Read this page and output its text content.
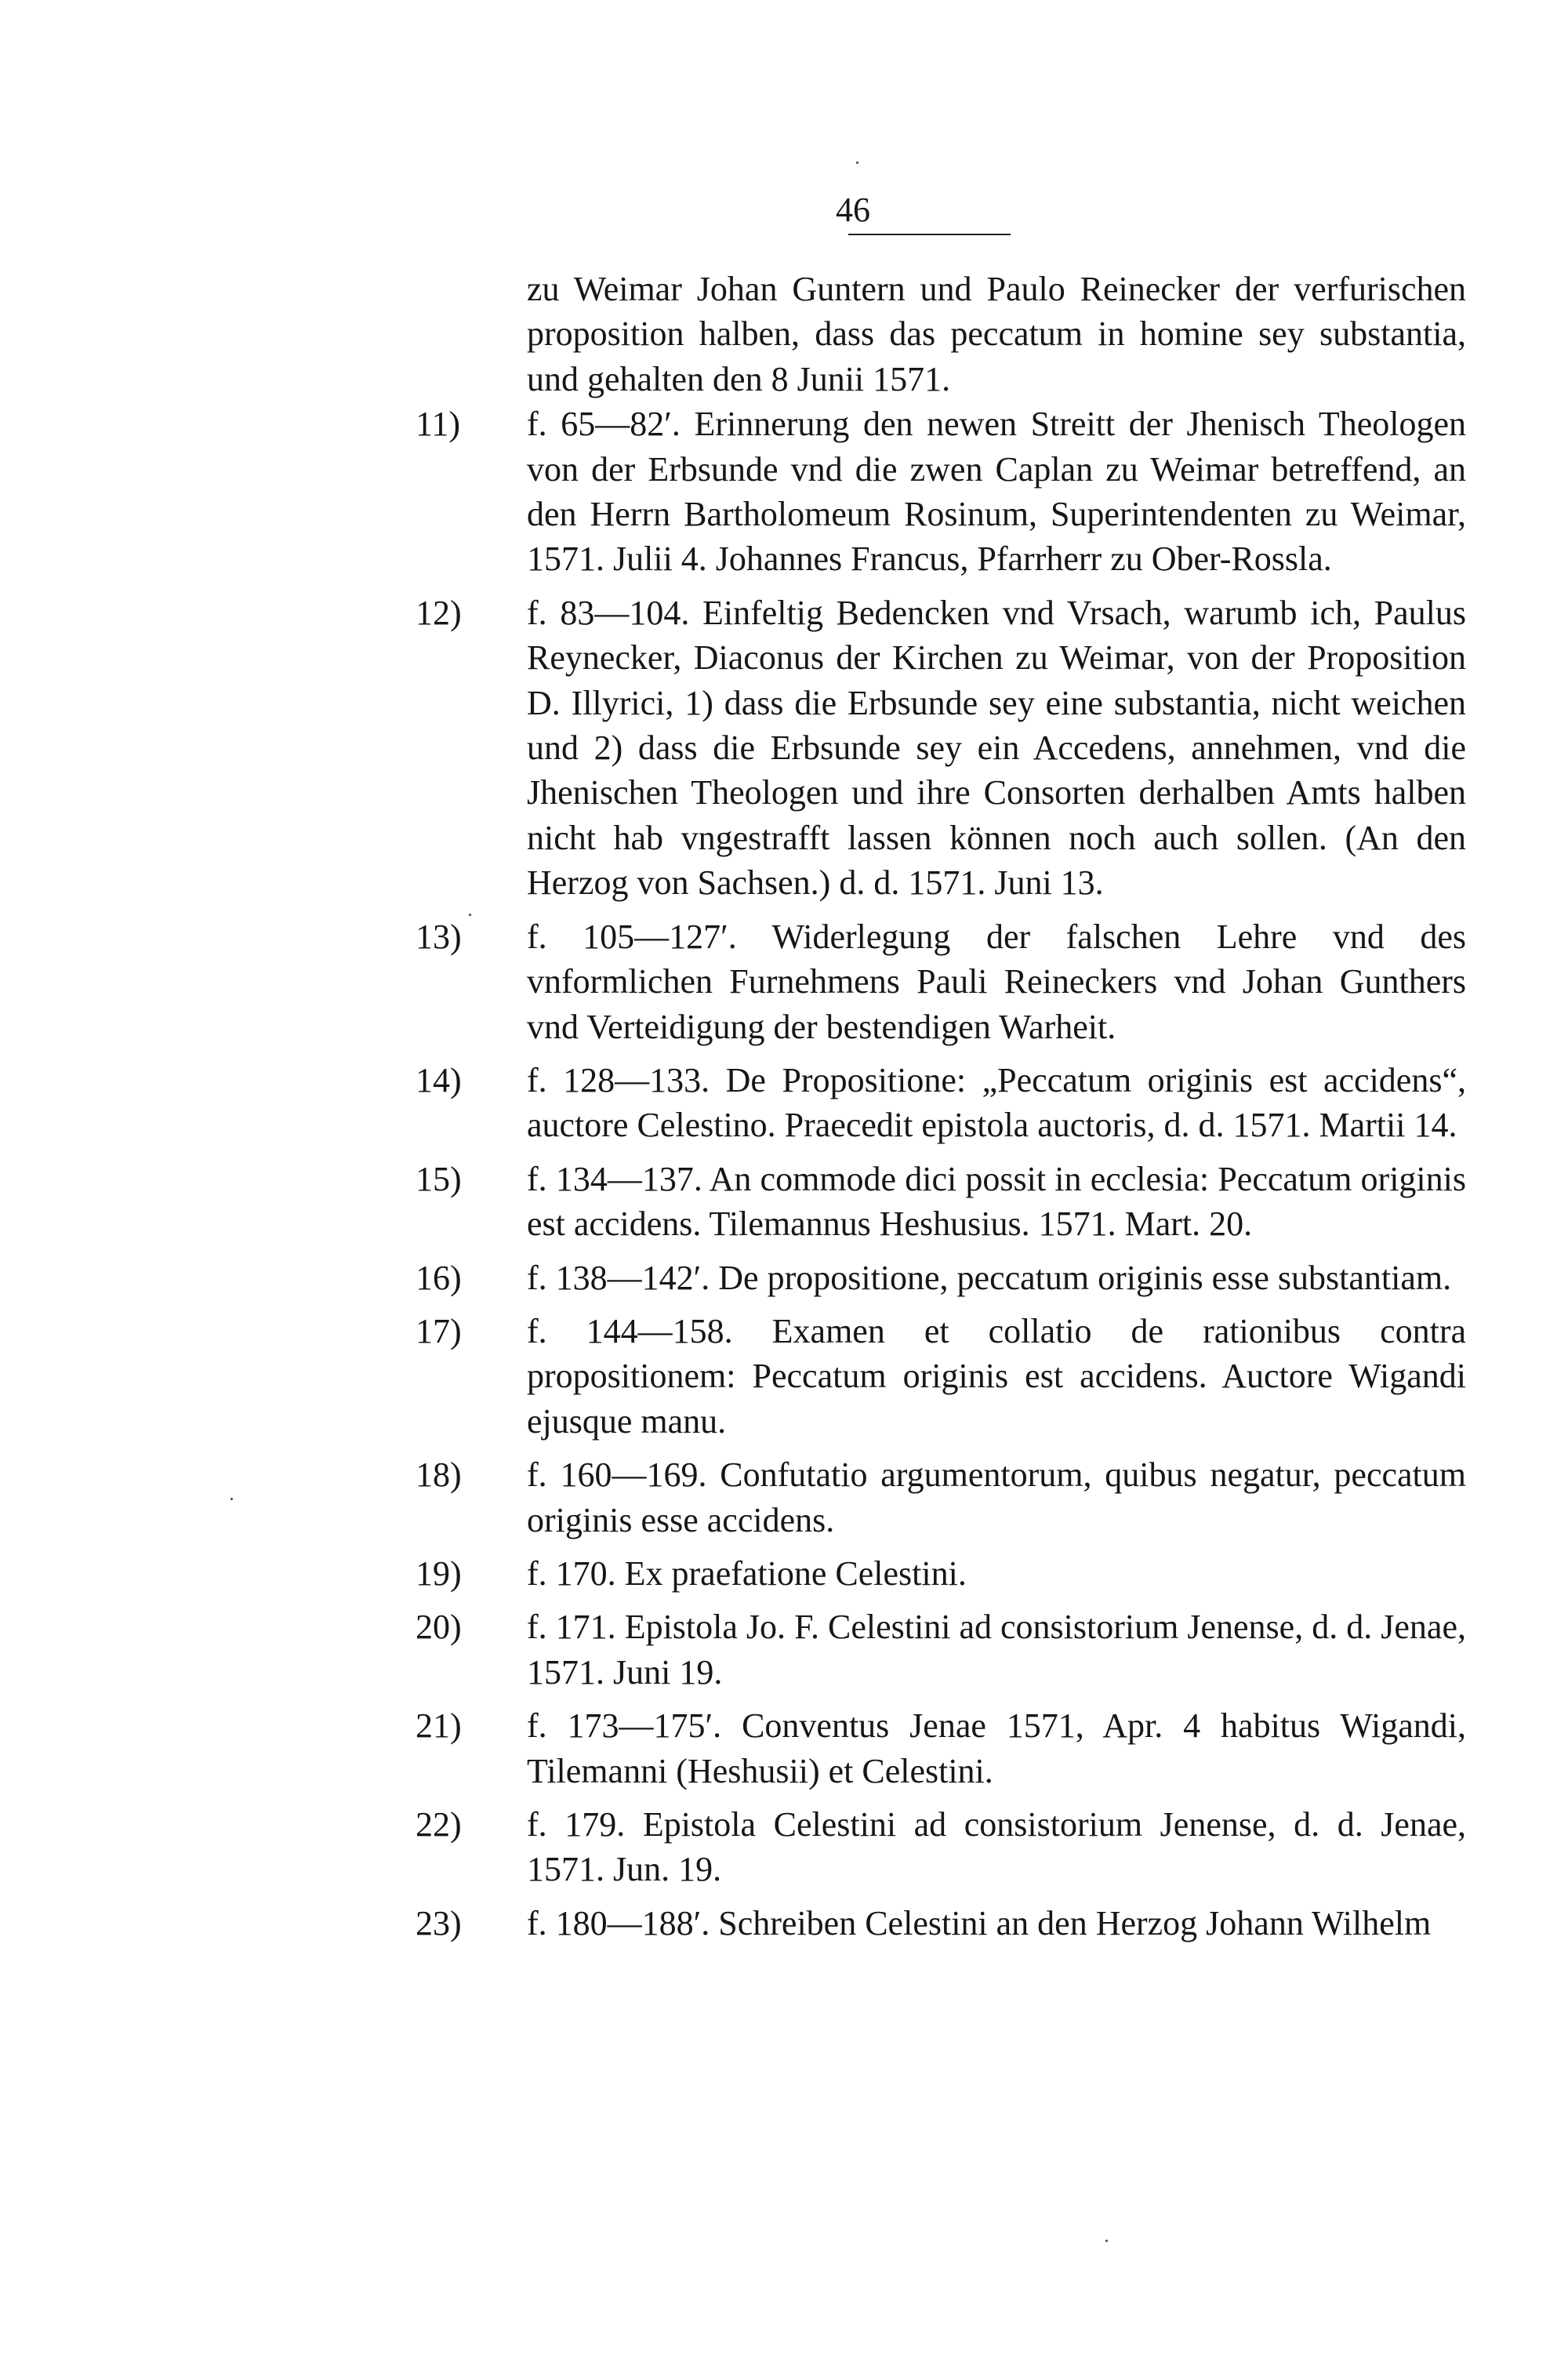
46
zu Weimar Johan Guntern und Paulo Reinecker der verfurischen proposition halben, dass das peccatum in homine sey substantia, und gehalten den 8 Junii 1571.
11)	f. 65—82′. Erinnerung den newen Streitt der Jhenisch Theologen von der Erbsunde vnd die zwen Caplan zu Weimar betreffend, an den Herrn Bartholomeum Rosinum, Superintendenten zu Weimar, 1571. Julii 4. Johannes Francus, Pfarrherr zu Ober-Rossla.
12)	f. 83—104. Einfeltig Bedencken vnd Vrsach, warumb ich, Paulus Reynecker, Diaconus der Kirchen zu Weimar, von der Proposition D. Illyrici, 1) dass die Erbsunde sey eine substantia, nicht weichen und 2) dass die Erbsunde sey ein Accedens, annehmen, vnd die Jhenischen Theologen und ihre Consorten derhalben Amts halben nicht hab vngestrafft lassen können noch auch sollen. (An den Herzog von Sachsen.) d. d. 1571. Juni 13.
13)	f. 105—127′. Widerlegung der falschen Lehre vnd des vnformlichen Furnehmens Pauli Reineckers vnd Johan Gunthers vnd Verteidigung der bestendigen Warheit.
14)	f. 128—133. De Propositione: „Peccatum originis est accidens“, auctore Celestino. Praecedit epistola auctoris, d. d. 1571. Martii 14.
15)	f. 134—137. An commode dici possit in ecclesia: Peccatum originis est accidens. Tilemannus Heshusius. 1571. Mart. 20.
16)	f. 138—142′. De propositione, peccatum originis esse substantiam.
17)	f. 144—158. Examen et collatio de rationibus contra propositionem: Peccatum originis est accidens. Auctore Wigandi ejusque manu.
18)	f. 160—169. Confutatio argumentorum, quibus negatur, peccatum originis esse accidens.
19)	f. 170. Ex praefatione Celestini.
20)	f. 171. Epistola Jo. F. Celestini ad consistorium Jenense, d. d. Jenae, 1571. Juni 19.
21)	f. 173—175′. Conventus Jenae 1571, Apr. 4 habitus Wigandi, Tilemanni (Heshusii) et Celestini.
22)	f. 179. Epistola Celestini ad consistorium Jenense, d. d. Jenae, 1571. Jun. 19.
23)	f. 180—188′. Schreiben Celestini an den Herzog Johann Wilhelm
